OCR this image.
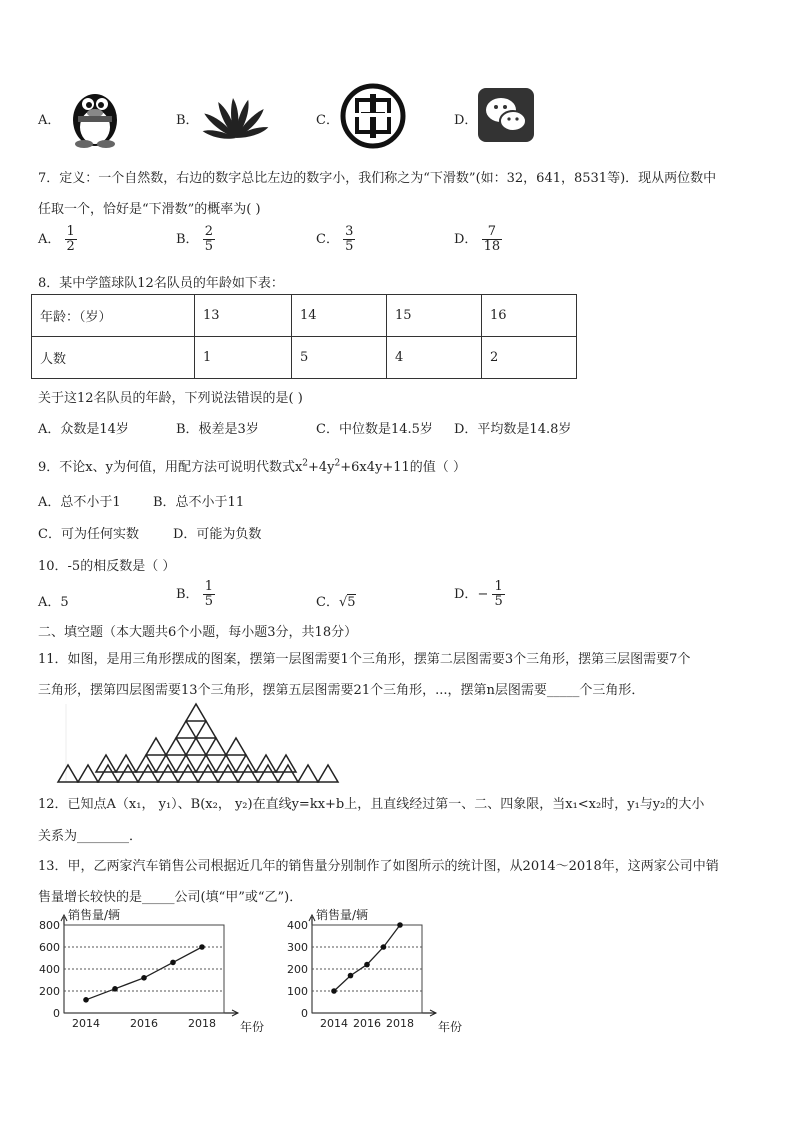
A．	B．	C．	D．
7．定义：一个自然数，右边的数字总比左边的数字小，我们称之为“下滑数”(如：32，641，8531等)．现从两位数中
任取一个，恰好是“下滑数”的概率为( )
A． $\frac{1}{2}$	B． $\frac{2}{5}$	C． $\frac{3}{5}$	D． $\frac{7}{18}$
8．某中学篮球队12名队员的年龄如下表：
年龄：（岁）	13	14	15	16
人数	1	5	4	2
关于这12名队员的年龄，下列说法错误的是( )
A．众数是14岁	B．极差是3岁	C．中位数是14.5岁 D．平均数是14.8岁
9．不论x、y为何值，用配方法可说明代数式$x^2+4y^2+6x4y+11$的值（ ）
A．总不小于1 B．总不小于11
C．可为任何实数	D．可能为负数
10．-5的相反数是（ ）
A．5
B． $\frac{1}{5}$	C．√5
D．− $\frac{1}{5}$
二、填空题（本大题共6个小题，每小题3分，共18分）
11．如图，是用三角形摆成的图案，摆第一层图需要1个三角形，摆第二层图需要3个三角形，摆第三层图需要7个
三角形，摆第四层图需要13个三角形，摆第五层图需要21个三角形，...，摆第n层图需要_____个三角形．
12．已知点A（x₁， y₁）、B(x₂， y₂)在直线y=kx+b上，且直线经过第一、二、四象限，当x₁<x₂时，y₁与y₂的大小
关系为________．
13．甲，乙两家汽车销售公司根据近几年的销售量分别制作了如图所示的统计图，从2014～2018年，这两家公司中销
售量增长较快的是_____公司(填“甲”或“乙”)．
销售量/辆
0
200
400
600
800
2014	2016	2018 年份
销售量/辆
0
100
200
300
400
2014 2016 2018 年份
